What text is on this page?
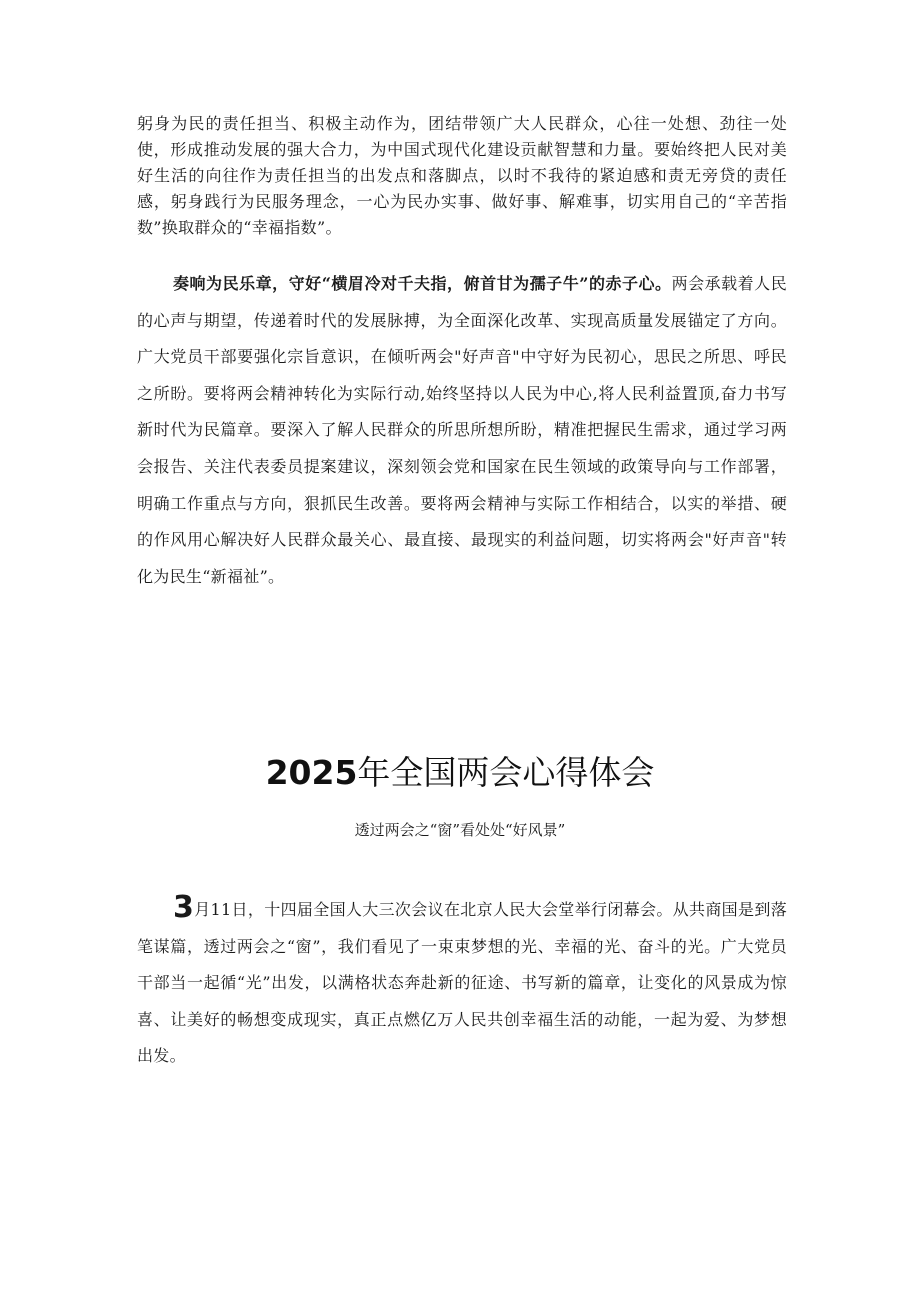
躬身为民的责任担当、积极主动作为，团结带领广大人民群众，心往一处想、劲往一处使，形成推动发展的强大合力，为中国式现代化建设贡献智慧和力量。要始终把人民对美好生活的向往作为责任担当的出发点和落脚点，以时不我待的紧迫感和责无旁贷的责任感，躬身践行为民服务理念，一心为民办实事、做好事、解难事，切实用自己的“辛苦指数”换取群众的“幸福指数”。

奏响为民乐章，守好“横眉冷对千夫指，俯首甘为孺子牛”的赤子心。两会承载着人民的心声与期望，传递着时代的发展脉搏，为全面深化改革、实现高质量发展锚定了方向。广大党员干部要强化宗旨意识，在倾听两会"好声音"中守好为民初心，思民之所思、呼民之所盼。要将两会精神转化为实际行动,始终坚持以人民为中心,将人民利益置顶,奋力书写新时代为民篇章。要深入了解人民群众的所思所想所盼，精准把握民生需求，通过学习两会报告、关注代表委员提案建议，深刻领会党和国家在民生领域的政策导向与工作部署，明确工作重点与方向，狠抓民生改善。要将两会精神与实际工作相结合，以实的举措、硬的作风用心解决好人民群众最关心、最直接、最现实的利益问题，切实将两会"好声音"转化为民生“新福祉”。

2025年全国两会心得体会

透过两会之“窗”看处处“好风景”

3月11日，十四届全国人大三次会议在北京人民大会堂举行闭幕会。从共商国是到落笔谋篇，透过两会之“窗”，我们看见了一束束梦想的光、幸福的光、奋斗的光。广大党员干部当一起循“光”出发，以满格状态奔赴新的征途、书写新的篇章，让变化的风景成为惊喜、让美好的畅想变成现实，真正点燃亿万人民共创幸福生活的动能，一起为爱、为梦想出发。
